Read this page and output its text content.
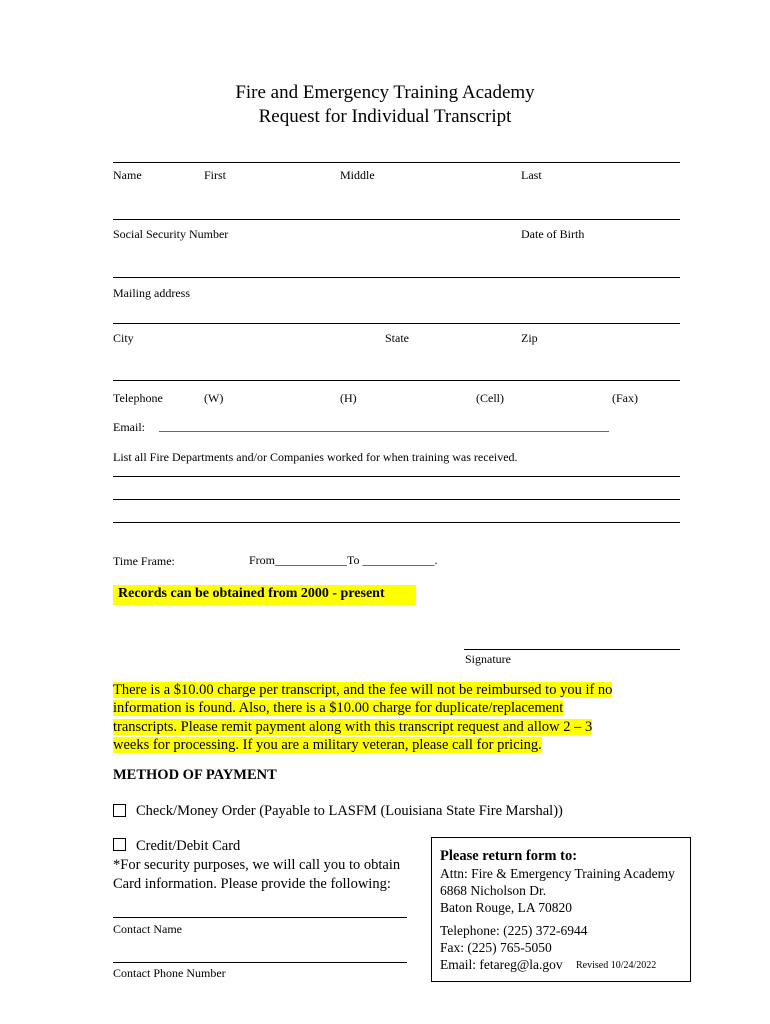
Fire and Emergency Training Academy
Request for Individual Transcript
Name	First	Middle	Last
Social Security Number	Date of Birth
Mailing address
City	State	Zip
Telephone	(W)	(H)	(Cell)	(Fax)
Email: ___________________________________________________________________________
List all Fire Departments and/or Companies worked for when training was received.
Time Frame:	From____________To ____________.
Records can be obtained from 2000 - present
Signature
There is a $10.00 charge per transcript, and the fee will not be reimbursed to you if no
information is found. Also, there is a $10.00 charge for duplicate/replacement
transcripts. Please remit payment along with this transcript request and allow 2 – 3
weeks for processing. If you are a military veteran, please call for pricing.
METHOD OF PAYMENT
Check/Money Order (Payable to LASFM (Louisiana State Fire Marshal))
Credit/Debit Card
*For security purposes, we will call you to obtain
Card information. Please provide the following:
Contact Name
Contact Phone Number
Please return form to:
Attn: Fire & Emergency Training Academy
6868 Nicholson Dr.
Baton Rouge, LA 70820
Telephone: (225) 372-6944
Fax: (225) 765-5050
Email: fetareg@la.gov Revised 10/24/2022
